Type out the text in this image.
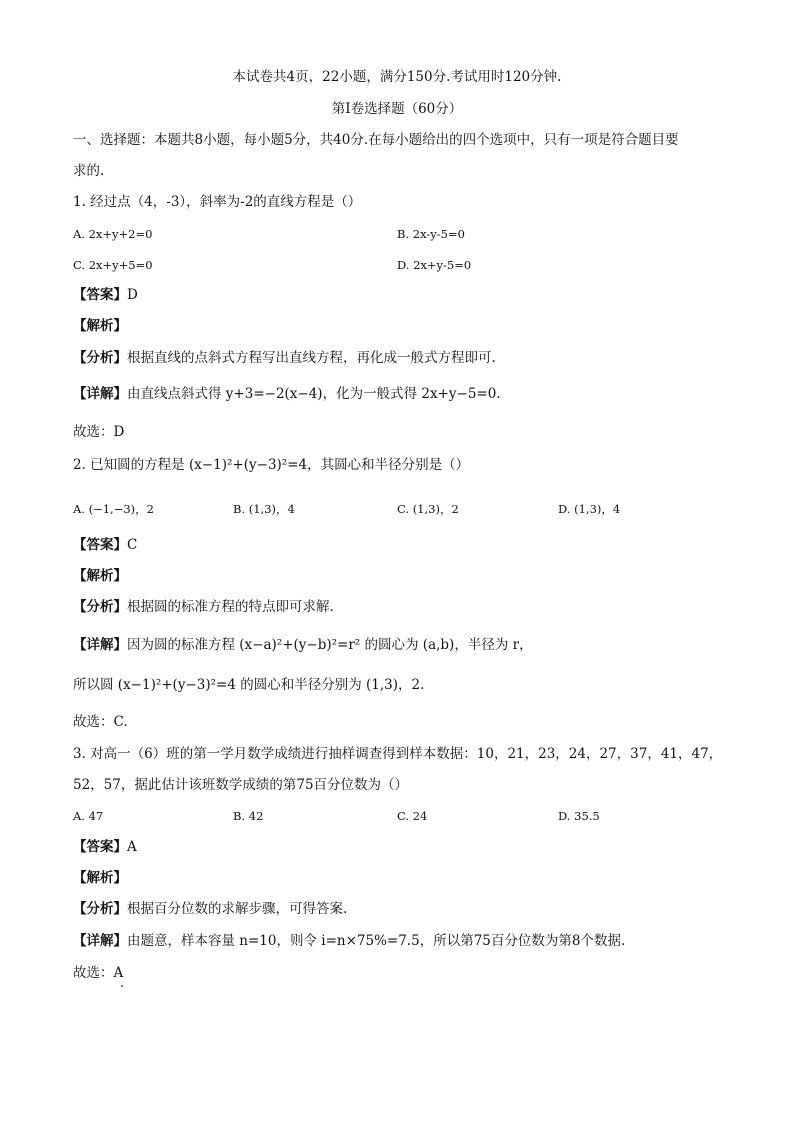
本试卷共4页，22小题，满分150分.考试用时120分钟.
第Ⅰ卷选择题（60分）
一、选择题：本题共8小题，每小题5分，共40分.在每小题给出的四个选项中，只有一项是符合题目要
求的.
1. 经过点（4，-3），斜率为-2的直线方程是（）
A. 2x+y+2=0	B. 2x-y-5=0
C. 2x+y+5=0	D. 2x+y-5=0
【答案】D
【解析】
【分析】根据直线的点斜式方程写出直线方程，再化成一般式方程即可.
【详解】由直线点斜式得 y+3=−2(x−4)，化为一般式得 2x+y−5=0.
故选：D
2. 已知圆的方程是 (x−1)²+(y−3)²=4，其圆心和半径分别是（）
A. (−1,−3)，2	B. (1,3)，4	C. (1,3)，2	D. (1,3)，4
【答案】C
【解析】
【分析】根据圆的标准方程的特点即可求解.
【详解】因为圆的标准方程 (x−a)²+(y−b)²=r² 的圆心为 (a,b)，半径为 r，
所以圆 (x−1)²+(y−3)²=4 的圆心和半径分别为 (1,3)，2.
故选：C.
3. 对高一（6）班的第一学月数学成绩进行抽样调查得到样本数据：10，21，23，24，27，37，41，47，
52，57，据此估计该班数学成绩的第75百分位数为（）
A. 47	B. 42	C. 24	D. 35.5
【答案】A
【解析】
【分析】根据百分位数的求解步骤，可得答案.
【详解】由题意，样本容量 n=10，则令 i=n×75%=7.5，所以第75百分位数为第8个数据.
故选：A
